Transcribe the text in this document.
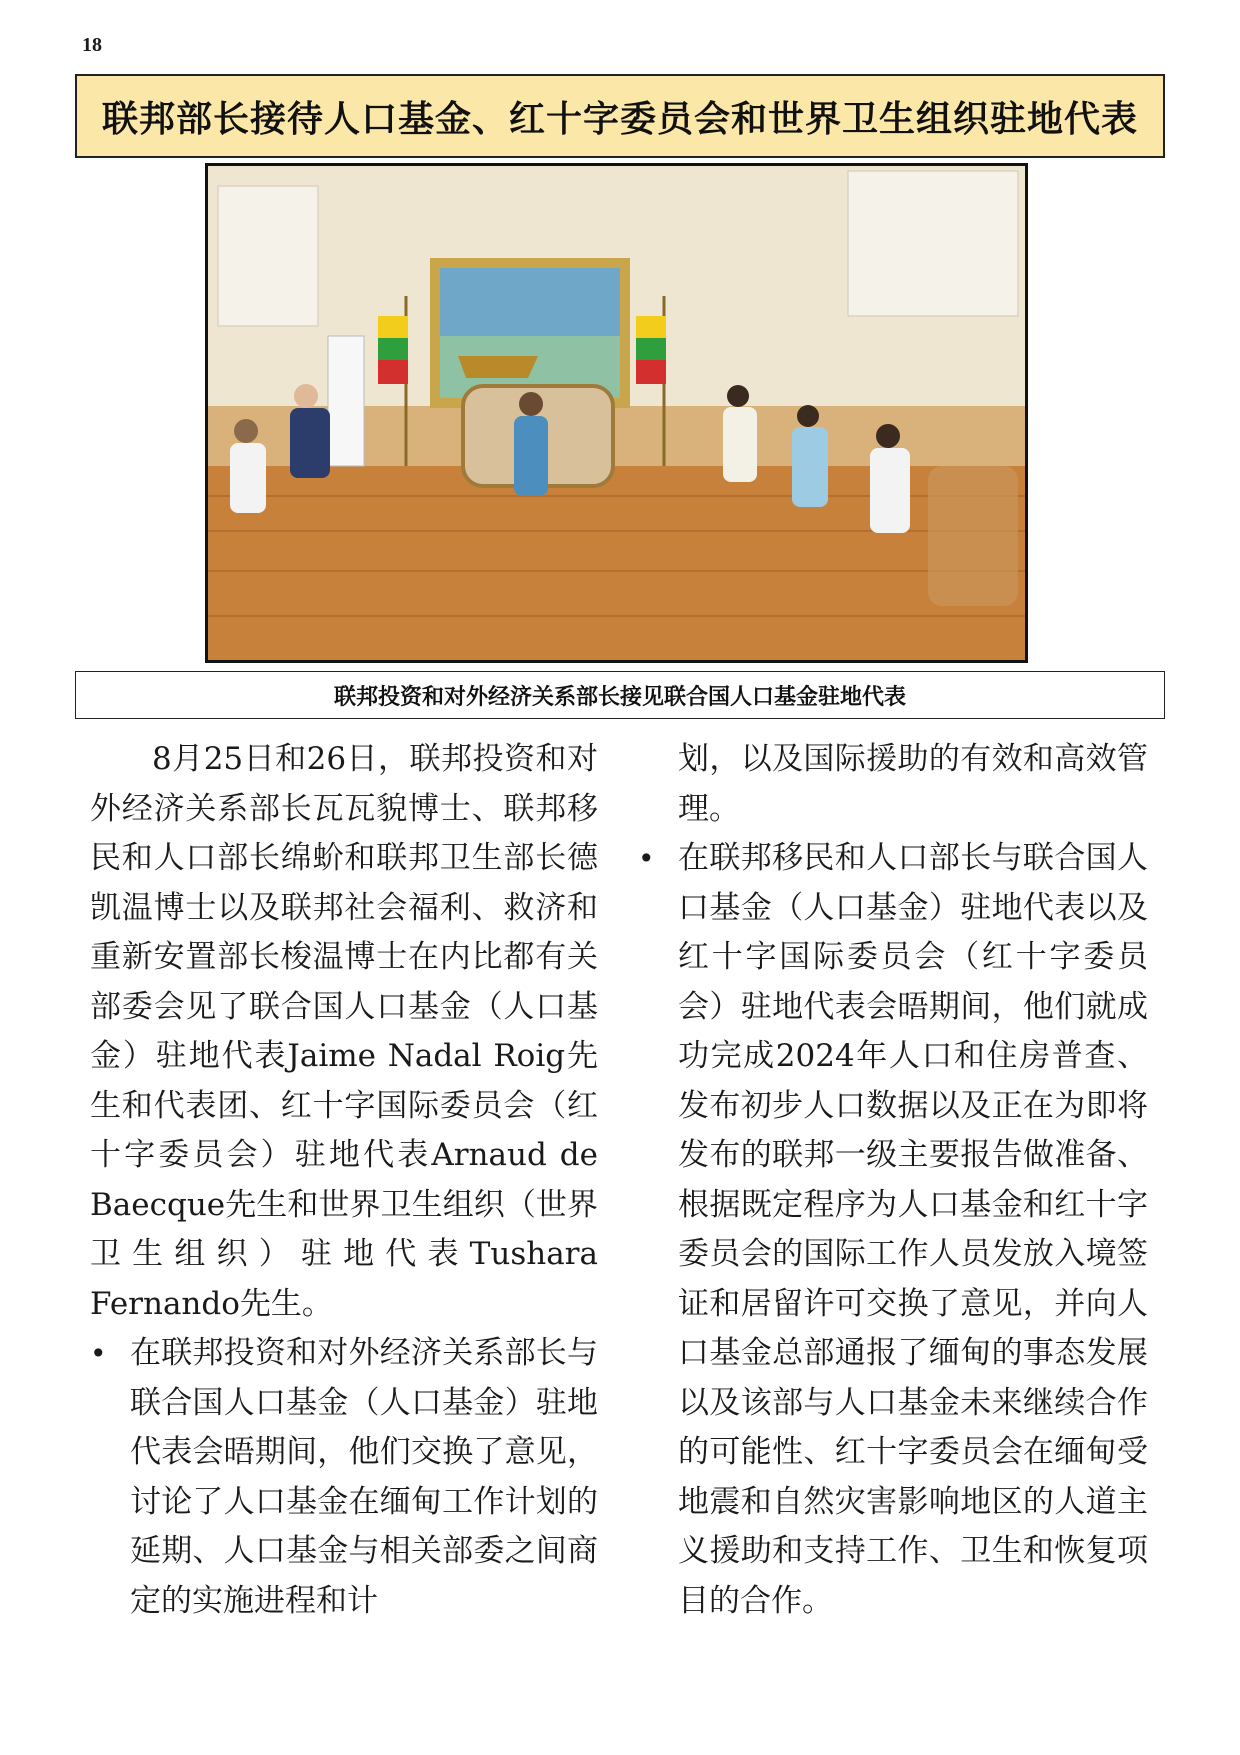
18
联邦部长接待人口基金、红十字委员会和世界卫生组织驻地代表
联邦投资和对外经济关系部长接见联合国人口基金驻地代表

8月25日和26日，联邦投资和对外经济关系部长瓦瓦貌博士、联邦移民和人口部长绵蚧和联邦卫生部长德凯温博士以及联邦社会福利、救济和重新安置部长梭温博士在内比都有关部委会见了联合国人口基金（人口基金）驻地代表Jaime Nadal Roig先生和代表团、红十字国际委员会（红十字委员会）驻地代表Arnaud de Baecque先生和世界卫生组织（世界卫生组织）驻地代表Tushara Fernando先生。

• 在联邦投资和对外经济关系部长与联合国人口基金（人口基金）驻地代表会晤期间，他们交换了意见，讨论了人口基金在缅甸工作计划的延期、人口基金与相关部委之间商定的实施进程和计

划，以及国际援助的有效和高效管理。

• 在联邦移民和人口部长与联合国人口基金（人口基金）驻地代表以及红十字国际委员会（红十字委员会）驻地代表会晤期间，他们就成功完成2024年人口和住房普查、发布初步人口数据以及正在为即将发布的联邦一级主要报告做准备、根据既定程序为人口基金和红十字委员会的国际工作人员发放入境签证和居留许可交换了意见，并向人口基金总部通报了缅甸的事态发展以及该部与人口基金未来继续合作的可能性、红十字委员会在缅甸受地震和自然灾害影响地区的人道主义援助和支持工作、卫生和恢复项目的合作。
